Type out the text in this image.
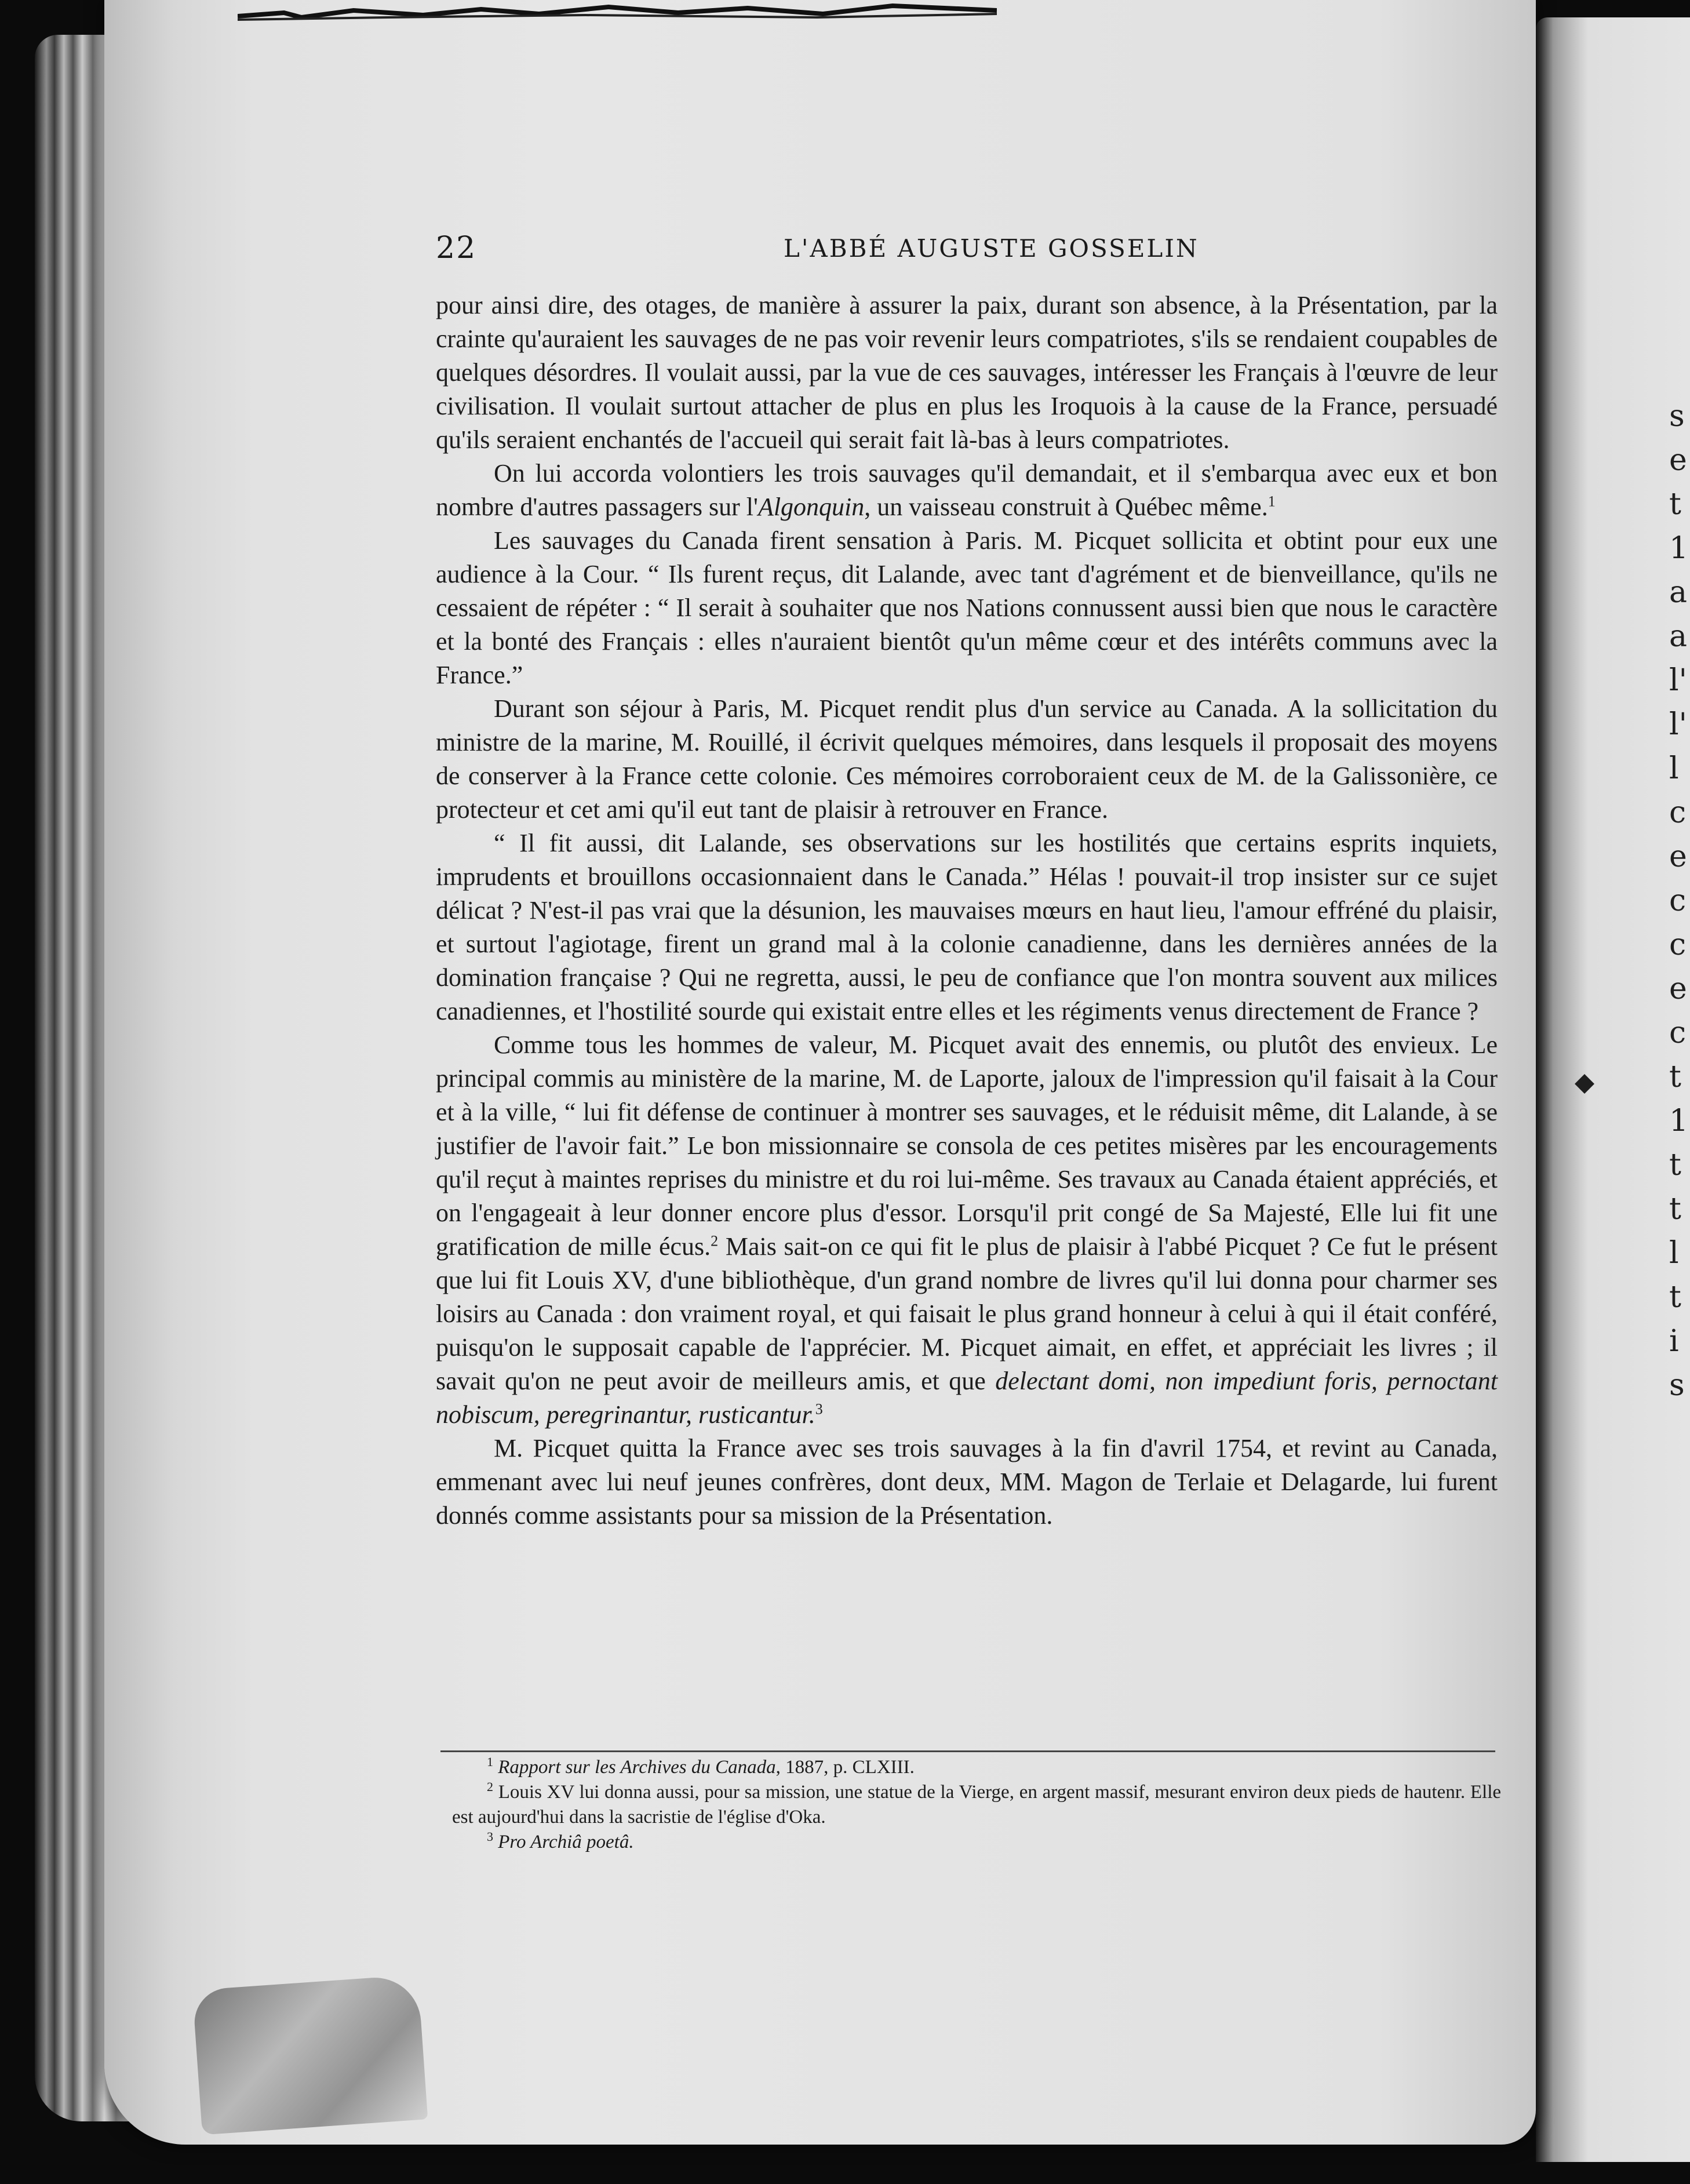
s
e
t
1
a
a
l'
l'
l
c
e
c
c
e
c
t
1
t
t
l
t
i
s
22	L'ABBÉ AUGUSTE GOSSELIN

pour ainsi dire, des otages, de manière à assurer la paix, durant son absence, à la Présentation, par la crainte qu'auraient les sauvages de ne pas voir revenir leurs compatriotes, s'ils se rendaient coupables de quelques désordres. Il voulait aussi, par la vue de ces sauvages, intéresser les Français à l'œuvre de leur civilisation. Il voulait surtout attacher de plus en plus les Iroquois à la cause de la France, persuadé qu'ils seraient enchantés de l'accueil qui serait fait là-bas à leurs compatriotes.

On lui accorda volontiers les trois sauvages qu'il demandait, et il s'embarqua avec eux et bon nombre d'autres passagers sur l'Algonquin, un vaisseau construit à Québec même.$^1$

Les sauvages du Canada firent sensation à Paris. M. Picquet sollicita et obtint pour eux une audience à la Cour. “ Ils furent reçus, dit Lalande, avec tant d'agrément et de bienveillance, qu'ils ne cessaient de répéter : “ Il serait à souhaiter que nos Nations connussent aussi bien que nous le caractère et la bonté des Français : elles n'auraient bientôt qu'un même cœur et des intérêts communs avec la France.”

Durant son séjour à Paris, M. Picquet rendit plus d'un service au Canada. A la sollicitation du ministre de la marine, M. Rouillé, il écrivit quelques mémoires, dans lesquels il proposait des moyens de conserver à la France cette colonie. Ces mémoires corroboraient ceux de M. de la Galissonière, ce protecteur et cet ami qu'il eut tant de plaisir à retrouver en France.

“ Il fit aussi, dit Lalande, ses observations sur les hostilités que certains esprits inquiets, imprudents et brouillons occasionnaient dans le Canada.” Hélas ! pouvait-il trop insister sur ce sujet délicat ? N'est-il pas vrai que la désunion, les mauvaises mœurs en haut lieu, l'amour effréné du plaisir, et surtout l'agiotage, firent un grand mal à la colonie canadienne, dans les dernières années de la domination française ? Qui ne regretta, aussi, le peu de confiance que l'on montra souvent aux milices canadiennes, et l'hostilité sourde qui existait entre elles et les régiments venus directement de France ?

Comme tous les hommes de valeur, M. Picquet avait des ennemis, ou plutôt des envieux. Le principal commis au ministère de la marine, M. de Laporte, jaloux de l'impression qu'il faisait à la Cour et à la ville, “ lui fit défense de continuer à montrer ses sauvages, et le réduisit même, dit Lalande, à se justifier de l'avoir fait.” Le bon missionnaire se consola de ces petites misères par les encouragements qu'il reçut à maintes reprises du ministre et du roi lui-même. Ses travaux au Canada étaient appréciés, et on l'engageait à leur donner encore plus d'essor. Lorsqu'il prit congé de Sa Majesté, Elle lui fit une gratification de mille écus.$^2$ Mais sait-on ce qui fit le plus de plaisir à l'abbé Picquet ? Ce fut le présent que lui fit Louis XV, d'une bibliothèque, d'un grand nombre de livres qu'il lui donna pour charmer ses loisirs au Canada : don vraiment royal, et qui faisait le plus grand honneur à celui à qui il était conféré, puisqu'on le supposait capable de l'apprécier. M. Picquet aimait, en effet, et appréciait les livres ; il savait qu'on ne peut avoir de meilleurs amis, et que delectant domi, non impediunt foris, pernoctant nobiscum, peregrinantur, rusticantur.$^3$

M. Picquet quitta la France avec ses trois sauvages à la fin d'avril 1754, et revint au Canada, emmenant avec lui neuf jeunes confrères, dont deux, MM. Magon de Terlaie et Delagarde, lui furent donnés comme assistants pour sa mission de la Présentation.

$^1$ Rapport sur les Archives du Canada, 1887, p. CLXIII.

$^2$ Louis XV lui donna aussi, pour sa mission, une statue de la Vierge, en argent massif, mesurant environ deux pieds de hautenr. Elle est aujourd'hui dans la sacristie de l'église d'Oka.

$^3$ Pro Archiâ poetâ.
